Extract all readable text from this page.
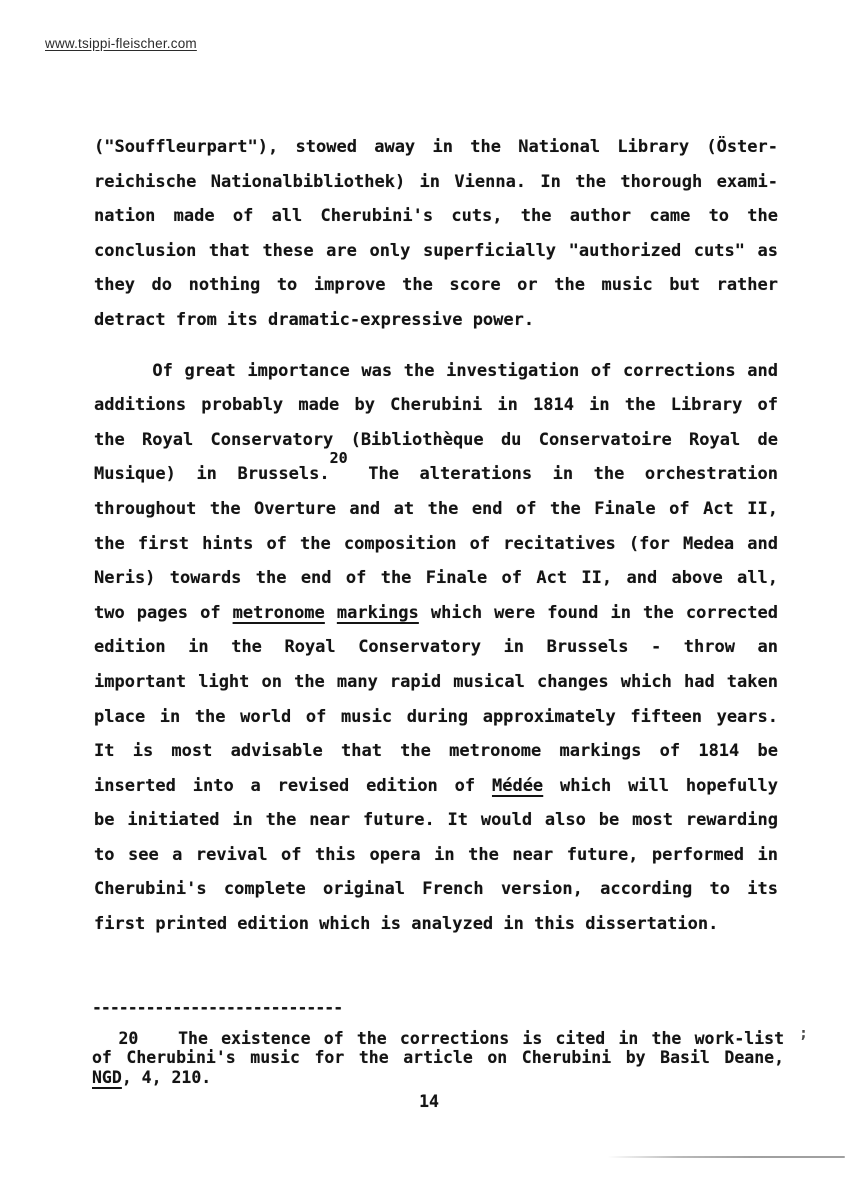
www.tsippi-fleischer.com
("Souffleurpart"), stowed away in the National Library (Öster-
reichische Nationalbibliothek) in Vienna. In the thorough exami-
nation made of all Cherubini's cuts, the author came to the
conclusion that these are only superficially "authorized cuts" as
they do nothing to improve the score or the music but rather
detract from its dramatic-expressive power.
Of great importance was the investigation of corrections and
additions probably made by Cherubini in 1814 in the Library of
the Royal Conservatory (Bibliothèque du Conservatoire Royal de
Musique) in Brussels.$^{20}$ The alterations in the orchestration
throughout the Overture and at the end of the Finale of Act II,
the first hints of the composition of recitatives (for Medea and
Neris) towards the end of the Finale of Act II, and above all,
two pages of metronome markings which were found in the corrected
edition in the Royal Conservatory in Brussels - throw an
important light on the many rapid musical changes which had taken
place in the world of music during approximately fifteen years.
It is most advisable that the metronome markings of 1814 be
inserted into a revised edition of Médée which will hopefully
be initiated in the near future. It would also be most rewarding
to see a revival of this opera in the near future, performed in
Cherubini's complete original French version, according to its
first printed edition which is analyzed in this dissertation.
----------------------------
20   The existence of the corrections is cited in the work-list
of Cherubini's music for the article on Cherubini by Basil Deane,
NGD, 4, 210.
;
14
